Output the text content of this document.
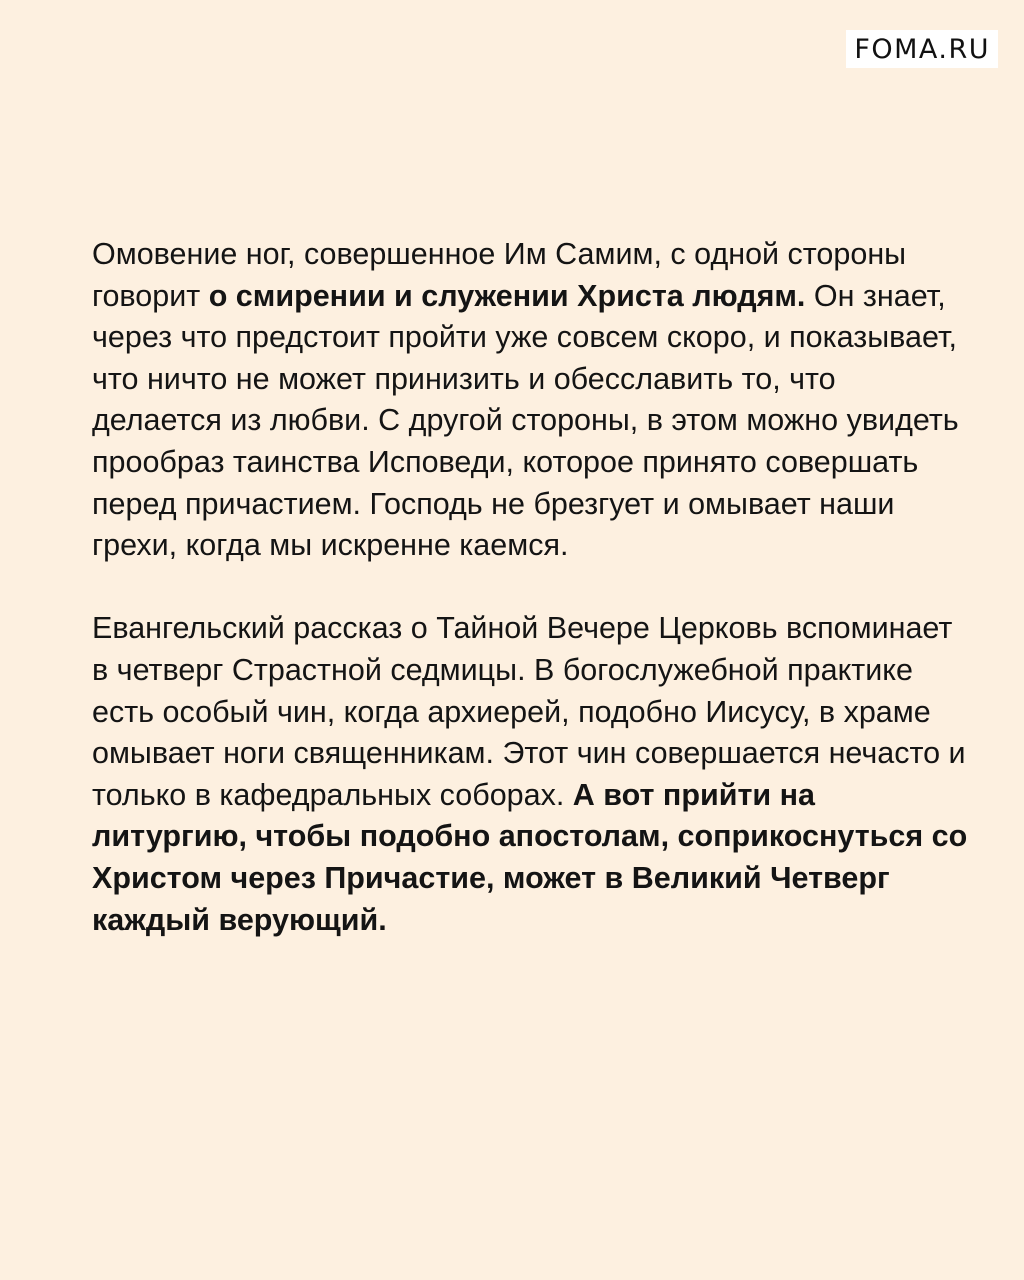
FOMA.RU

Омовение ног, совершенное Им Самим, с одной стороны говорит о смирении и служении Христа людям. Он знает, через что предстоит пройти уже совсем скоро, и показывает, что ничто не может принизить и обесславить то, что делается из любви. С другой стороны, в этом можно увидеть прообраз таинства Исповеди, которое принято совершать перед причастием. Господь не брезгует и омывает наши грехи, когда мы искренне каемся.

Евангельский рассказ о Тайной Вечере Церковь вспоминает в четверг Страстной седмицы. В богослужебной практике есть особый чин, когда архиерей, подобно Иисусу, в храме омывает ноги священникам. Этот чин совершается нечасто и только в кафедральных соборах. А вот прийти на литургию, чтобы подобно апостолам, соприкоснуться со Христом через Причастие, может в Великий Четверг каждый верующий.
